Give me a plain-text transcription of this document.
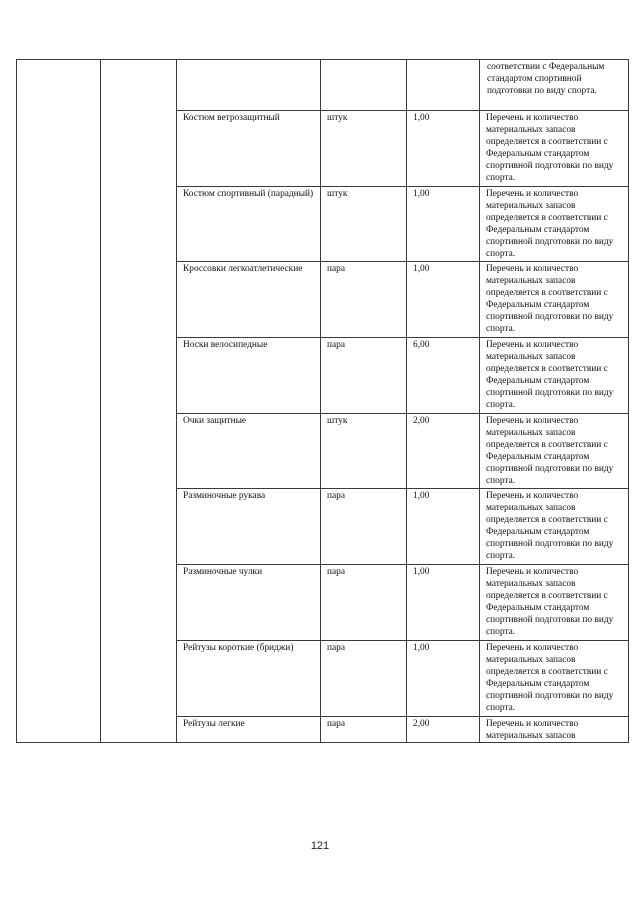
					соответствии с Федеральным стандартом спортивной подготовки по виду спорта.

		Костюм ветрозащитный	штук	1,00	Перечень и количество материальных запасов определяется в соответствии с Федеральным стандартом спортивной подготовки по виду спорта.
		Костюм спортивный (парадный)	штук	1,00	Перечень и количество материальных запасов определяется в соответствии с Федеральным стандартом спортивной подготовки по виду спорта.
		Кроссовки легкоатлетические	пара	1,00	Перечень и количество материальных запасов определяется в соответствии с Федеральным стандартом спортивной подготовки по виду спорта.
		Носки велосипедные	пара	6,00	Перечень и количество материальных запасов определяется в соответствии с Федеральным стандартом спортивной подготовки по виду спорта.
		Очки защитные	штук	2,00	Перечень и количество материальных запасов определяется в соответствии с Федеральным стандартом спортивной подготовки по виду спорта.
		Разминочные рукава	пара	1,00	Перечень и количество материальных запасов определяется в соответствии с Федеральным стандартом спортивной подготовки по виду спорта.
		Разминочные чулки	пара	1,00	Перечень и количество материальных запасов определяется в соответствии с Федеральным стандартом спортивной подготовки по виду спорта.
		Рейтузы короткие (бриджи)	пара	1,00	Перечень и количество материальных запасов определяется в соответствии с Федеральным стандартом спортивной подготовки по виду спорта.
		Рейтузы легкие	пара	2,00	Перечень и количество материальных запасов
121
